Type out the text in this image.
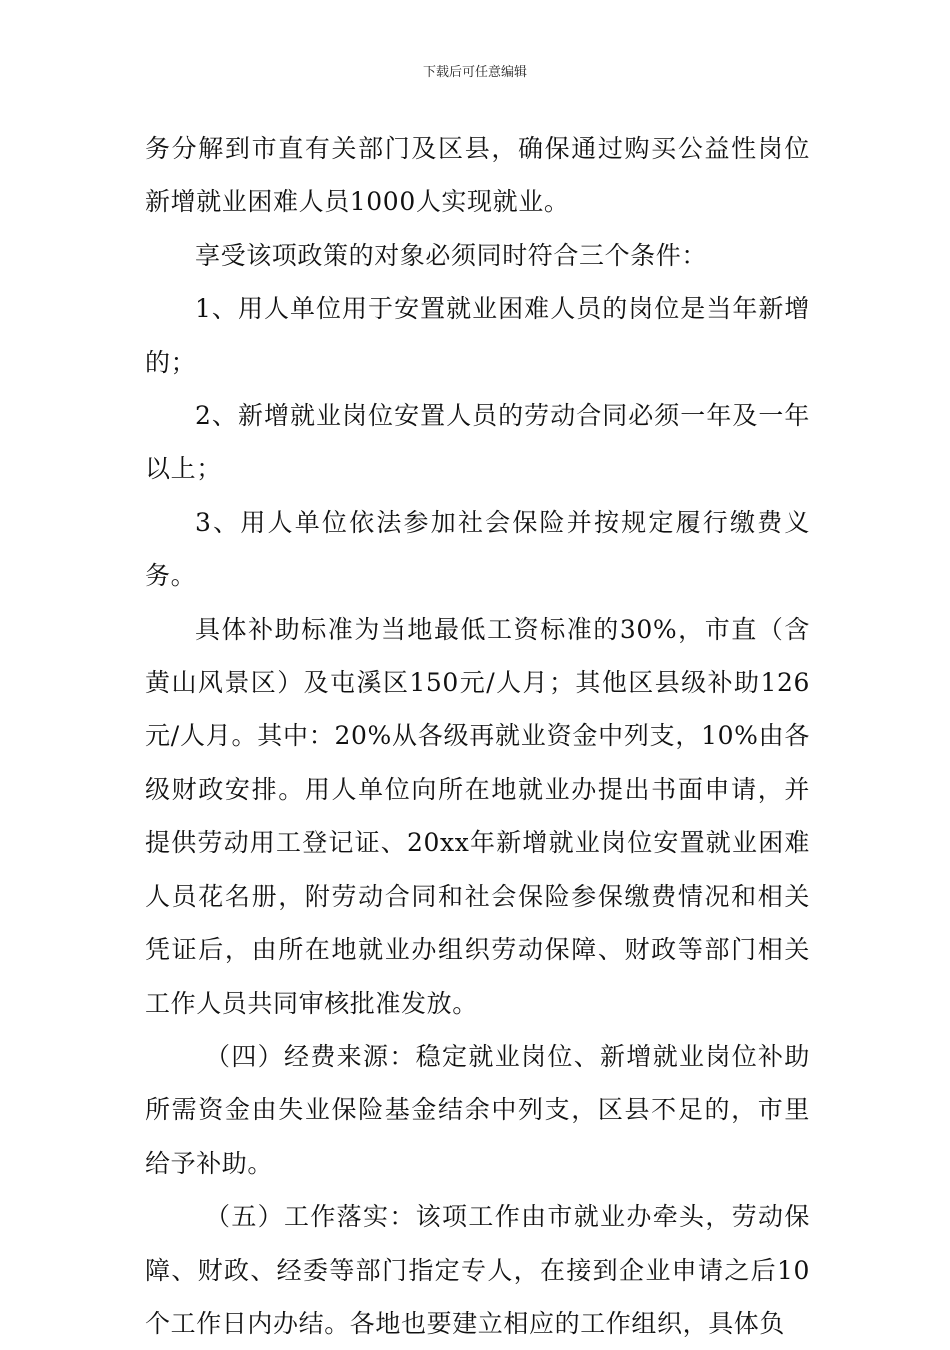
下载后可任意编辑

务分解到市直有关部门及区县，确保通过购买公益性岗位新增就业困难人员1000人实现就业。

享受该项政策的对象必须同时符合三个条件：

1、用人单位用于安置就业困难人员的岗位是当年新增的；

2、新增就业岗位安置人员的劳动合同必须一年及一年以上；

3、用人单位依法参加社会保险并按规定履行缴费义务。

具体补助标准为当地最低工资标准的30%，市直（含黄山风景区）及屯溪区150元/人月；其他区县级补助126元/人月。其中：20%从各级再就业资金中列支，10%由各级财政安排。用人单位向所在地就业办提出书面申请，并提供劳动用工登记证、20xx年新增就业岗位安置就业困难人员花名册，附劳动合同和社会保险参保缴费情况和相关凭证后，由所在地就业办组织劳动保障、财政等部门相关工作人员共同审核批准发放。

（四）经费来源：稳定就业岗位、新增就业岗位补助所需资金由失业保险基金结余中列支，区县不足的，市里给予补助。

（五）工作落实：该项工作由市就业办牵头，劳动保障、财政、经委等部门指定专人，在接到企业申请之后10个工作日内办结。各地也要建立相应的工作组织，具体负
